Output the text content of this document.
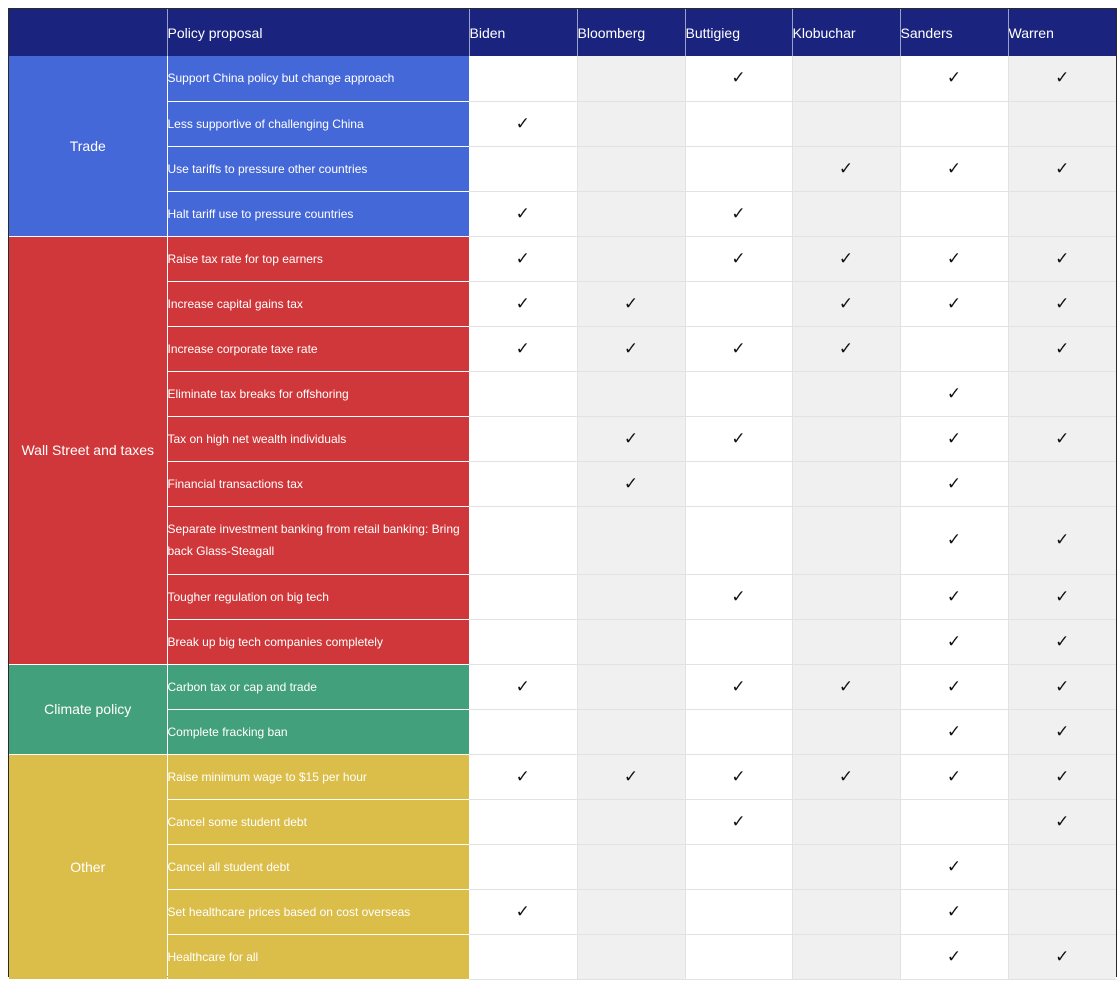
	Policy proposal	Biden	Bloomberg	Buttigieg	Klobuchar	Sanders	Warren
Trade	Support China policy but change approach			✓		✓	✓
	Less supportive of challenging China	✓					
	Use tariffs to pressure other countries				✓	✓	✓
	Halt tariff use to pressure countries	✓		✓			
Wall Street and taxes	Raise tax rate for top earners	✓		✓	✓	✓	✓
	Increase capital gains tax	✓	✓		✓	✓	✓
	Increase corporate taxe rate	✓	✓	✓	✓		✓
	Eliminate tax breaks for offshoring					✓	
	Tax on high net wealth individuals		✓	✓		✓	✓
	Financial transactions tax		✓			✓	
	Separate investment banking from retail banking: Bring back Glass-Steagall					✓	✓
	Tougher regulation on big tech			✓		✓	✓
	Break up big tech companies completely					✓	✓
Climate policy	Carbon tax or cap and trade	✓		✓	✓	✓	✓
	Complete fracking ban					✓	✓
Other	Raise minimum wage to $15 per hour	✓	✓	✓	✓	✓	✓
	Cancel some student debt			✓			✓
	Cancel all student debt					✓	
	Set healthcare prices based on cost overseas	✓				✓	
	Healthcare for all					✓	✓
